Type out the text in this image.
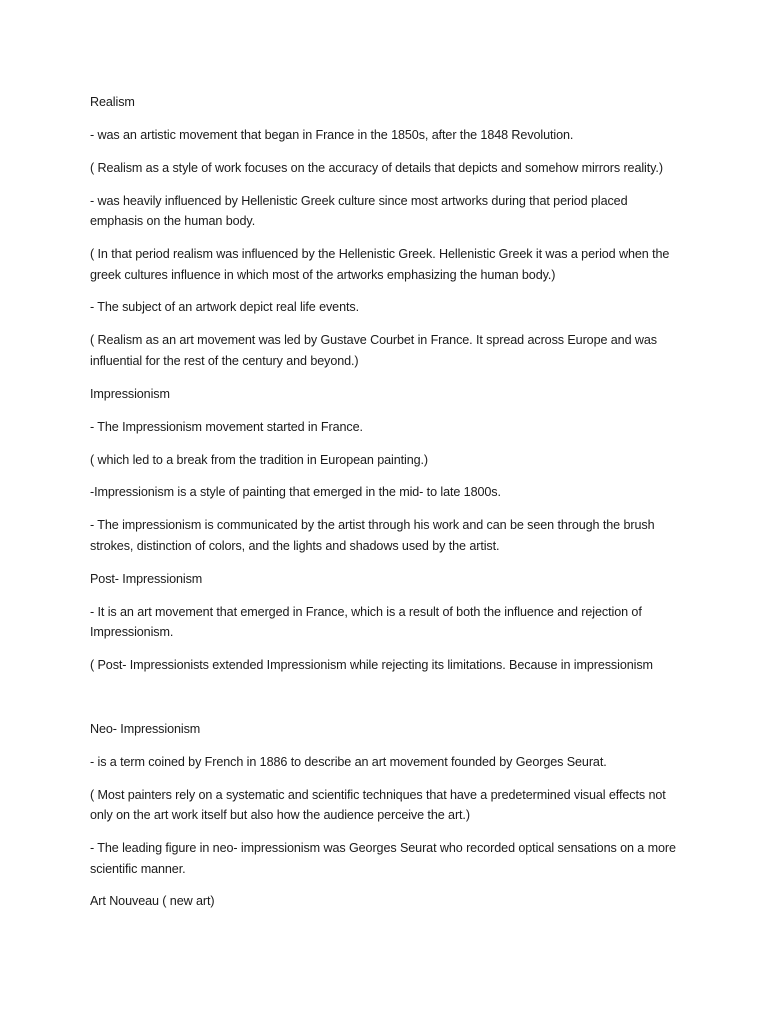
Realism

- was an artistic movement that began in France in the 1850s, after the 1848 Revolution.

( Realism as a style of work focuses on the accuracy of details that depicts and somehow mirrors reality.)

- was heavily influenced by Hellenistic Greek culture since most artworks during that period placed emphasis on the human body.

( In that period realism was influenced by the Hellenistic Greek. Hellenistic Greek it was a period when the greek cultures influence in which most of the artworks emphasizing the human body.)

- The subject of an artwork depict real life events.

( Realism as an art movement was led by Gustave Courbet in France. It spread across Europe and was influential for the rest of the century and beyond.)

Impressionism

- The Impressionism movement started in France.

( which led to a break from the tradition in European painting.)

-Impressionism is a style of painting that emerged in the mid- to late 1800s.

- The impressionism is communicated by the artist through his work and can be seen through the brush strokes, distinction of colors, and the lights and shadows used by the artist.

Post- Impressionism

- It is an art movement that emerged in France, which is a result of both the influence and rejection of Impressionism.

( Post- Impressionists extended Impressionism while rejecting its limitations. Because in impressionism

Neo- Impressionism

- is a term coined by French in 1886 to describe an art movement founded by Georges Seurat.

( Most painters rely on a systematic and scientific techniques that have a predetermined visual effects not only on the art work itself but also how the audience perceive the art.)

- The leading figure in neo- impressionism was Georges Seurat who recorded optical sensations on a more scientific manner.

Art Nouveau ( new art)
